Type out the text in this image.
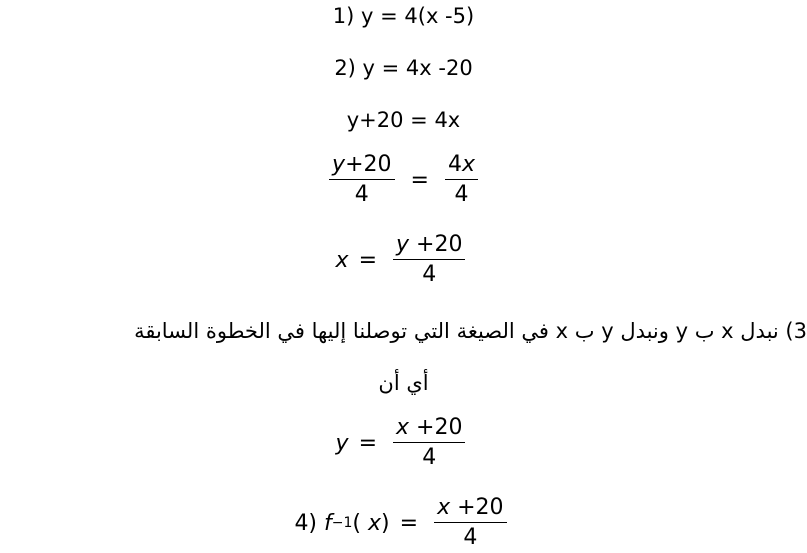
1) y = 4(x -5)
2) y = 4x -20
y+20 = 4x
$\frac{y+20}{4} = \frac{4x}{4}$
$x = \frac{y +20}{4}$
3) نبدل x ب y ونبدل y ب x في الصيغة التي توصلنا إليها في الخطوة السابقة
أي أن
$y = \frac{x +20}{4}$
4)
f −1 (
x ) = $\frac{x +20}{4}$
